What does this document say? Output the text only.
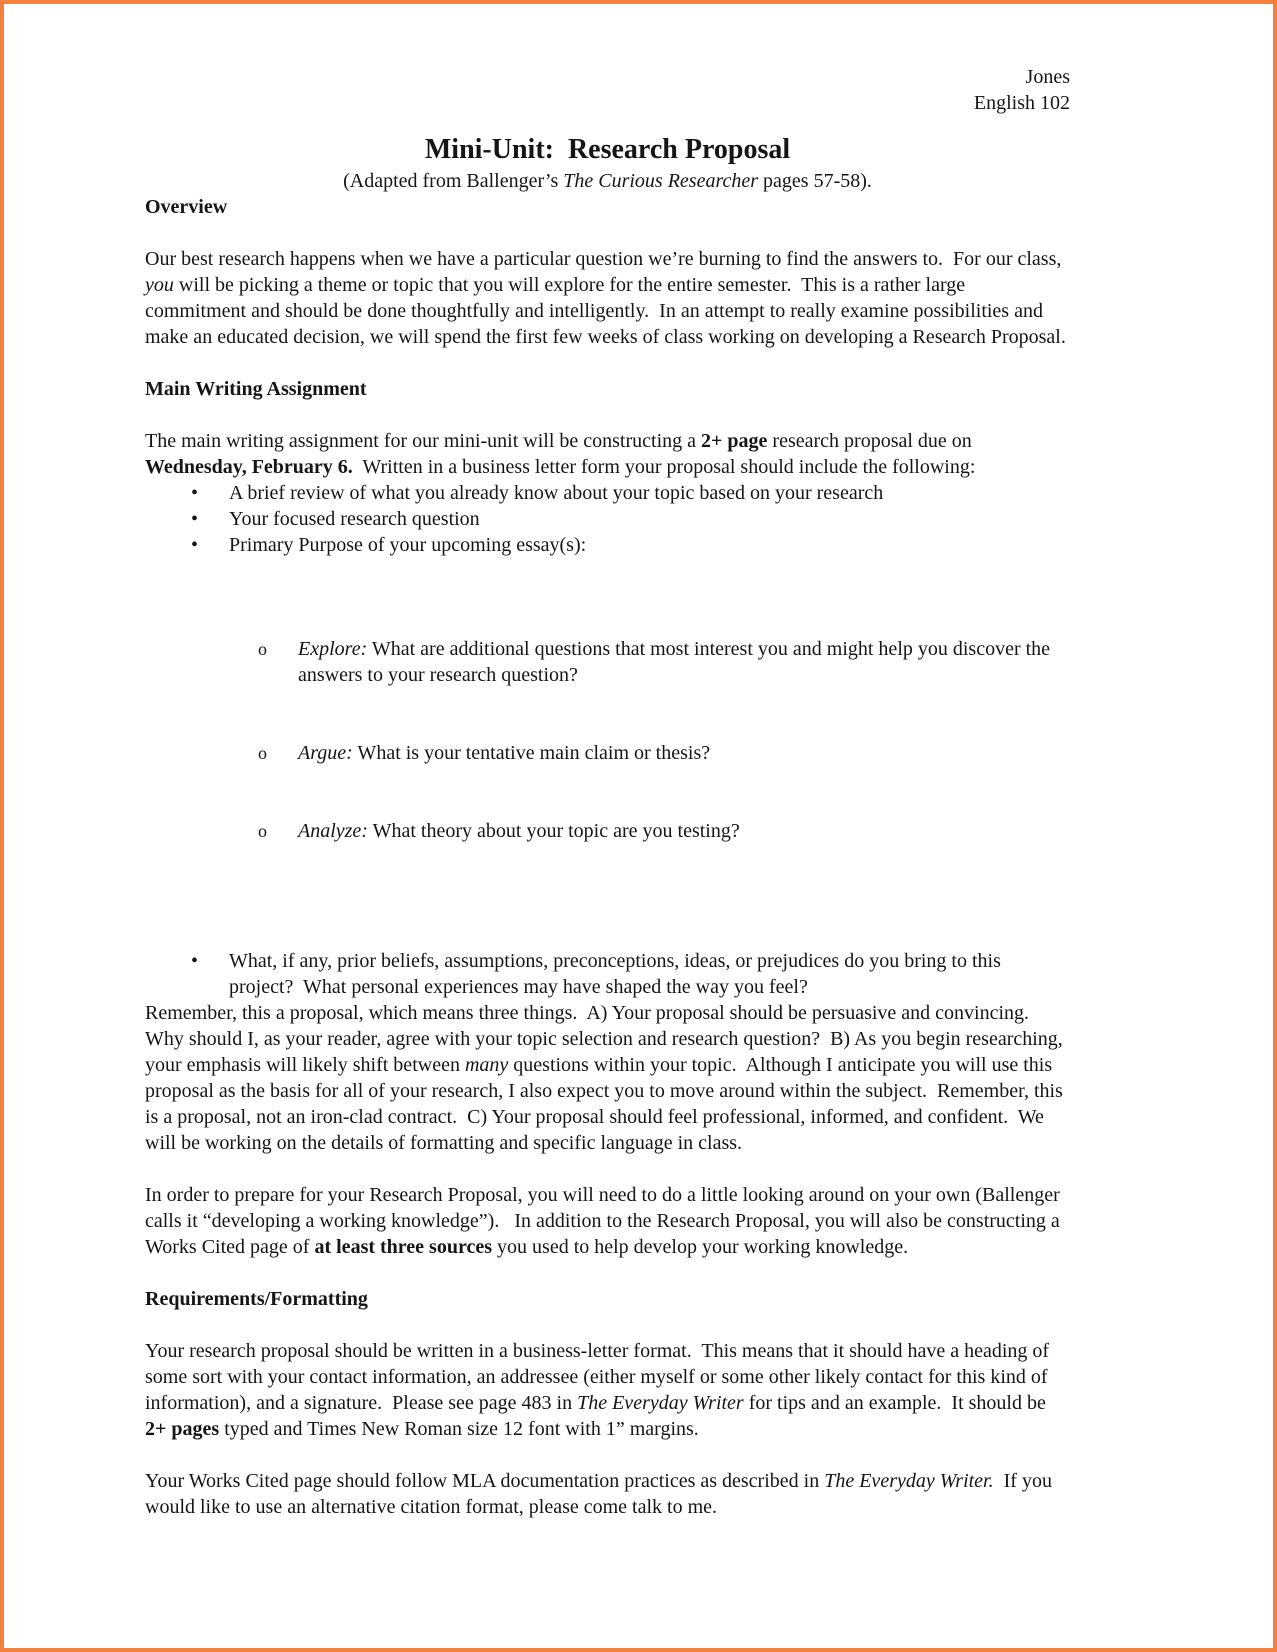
Jones
English 102
Mini-Unit:  Research Proposal

(Adapted from Ballenger’s The Curious Researcher pages 57-58).

Overview

Our best research happens when we have a particular question we’re burning to find the answers to.  For our class, you will be picking a theme or topic that you will explore for the entire semester.  This is a rather large commitment and should be done thoughtfully and intelligently.  In an attempt to really examine possibilities and make an educated decision, we will spend the first few weeks of class working on developing a Research Proposal.

Main Writing Assignment

The main writing assignment for our mini-unit will be constructing a 2+ page research proposal due on Wednesday, February 6.  Written in a business letter form your proposal should include the following:

• A brief review of what you already know about your topic based on your research
• Your focused research question
• Primary Purpose of your upcoming essay(s):

o Explore: What are additional questions that most interest you and might help you discover the answers to your research question?

o Argue: What is your tentative main claim or thesis?

o Analyze: What theory about your topic are you testing?

• What, if any, prior beliefs, assumptions, preconceptions, ideas, or prejudices do you bring to this project?  What personal experiences may have shaped the way you feel?

Remember, this a proposal, which means three things.  A) Your proposal should be persuasive and convincing.  Why should I, as your reader, agree with your topic selection and research question?  B) As you begin researching, your emphasis will likely shift between many questions within your topic.  Although I anticipate you will use this proposal as the basis for all of your research, I also expect you to move around within the subject.  Remember, this is a proposal, not an iron-clad contract.  C) Your proposal should feel professional, informed, and confident.  We will be working on the details of formatting and specific language in class.

In order to prepare for your Research Proposal, you will need to do a little looking around on your own (Ballenger calls it “developing a working knowledge”).   In addition to the Research Proposal, you will also be constructing a Works Cited page of at least three sources you used to help develop your working knowledge.

Requirements/Formatting

Your research proposal should be written in a business-letter format.  This means that it should have a heading of some sort with your contact information, an addressee (either myself or some other likely contact for this kind of information), and a signature.  Please see page 483 in The Everyday Writer for tips and an example.  It should be 2+ pages typed and Times New Roman size 12 font with 1” margins.

Your Works Cited page should follow MLA documentation practices as described in The Everyday Writer.  If you would like to use an alternative citation format, please come talk to me.
